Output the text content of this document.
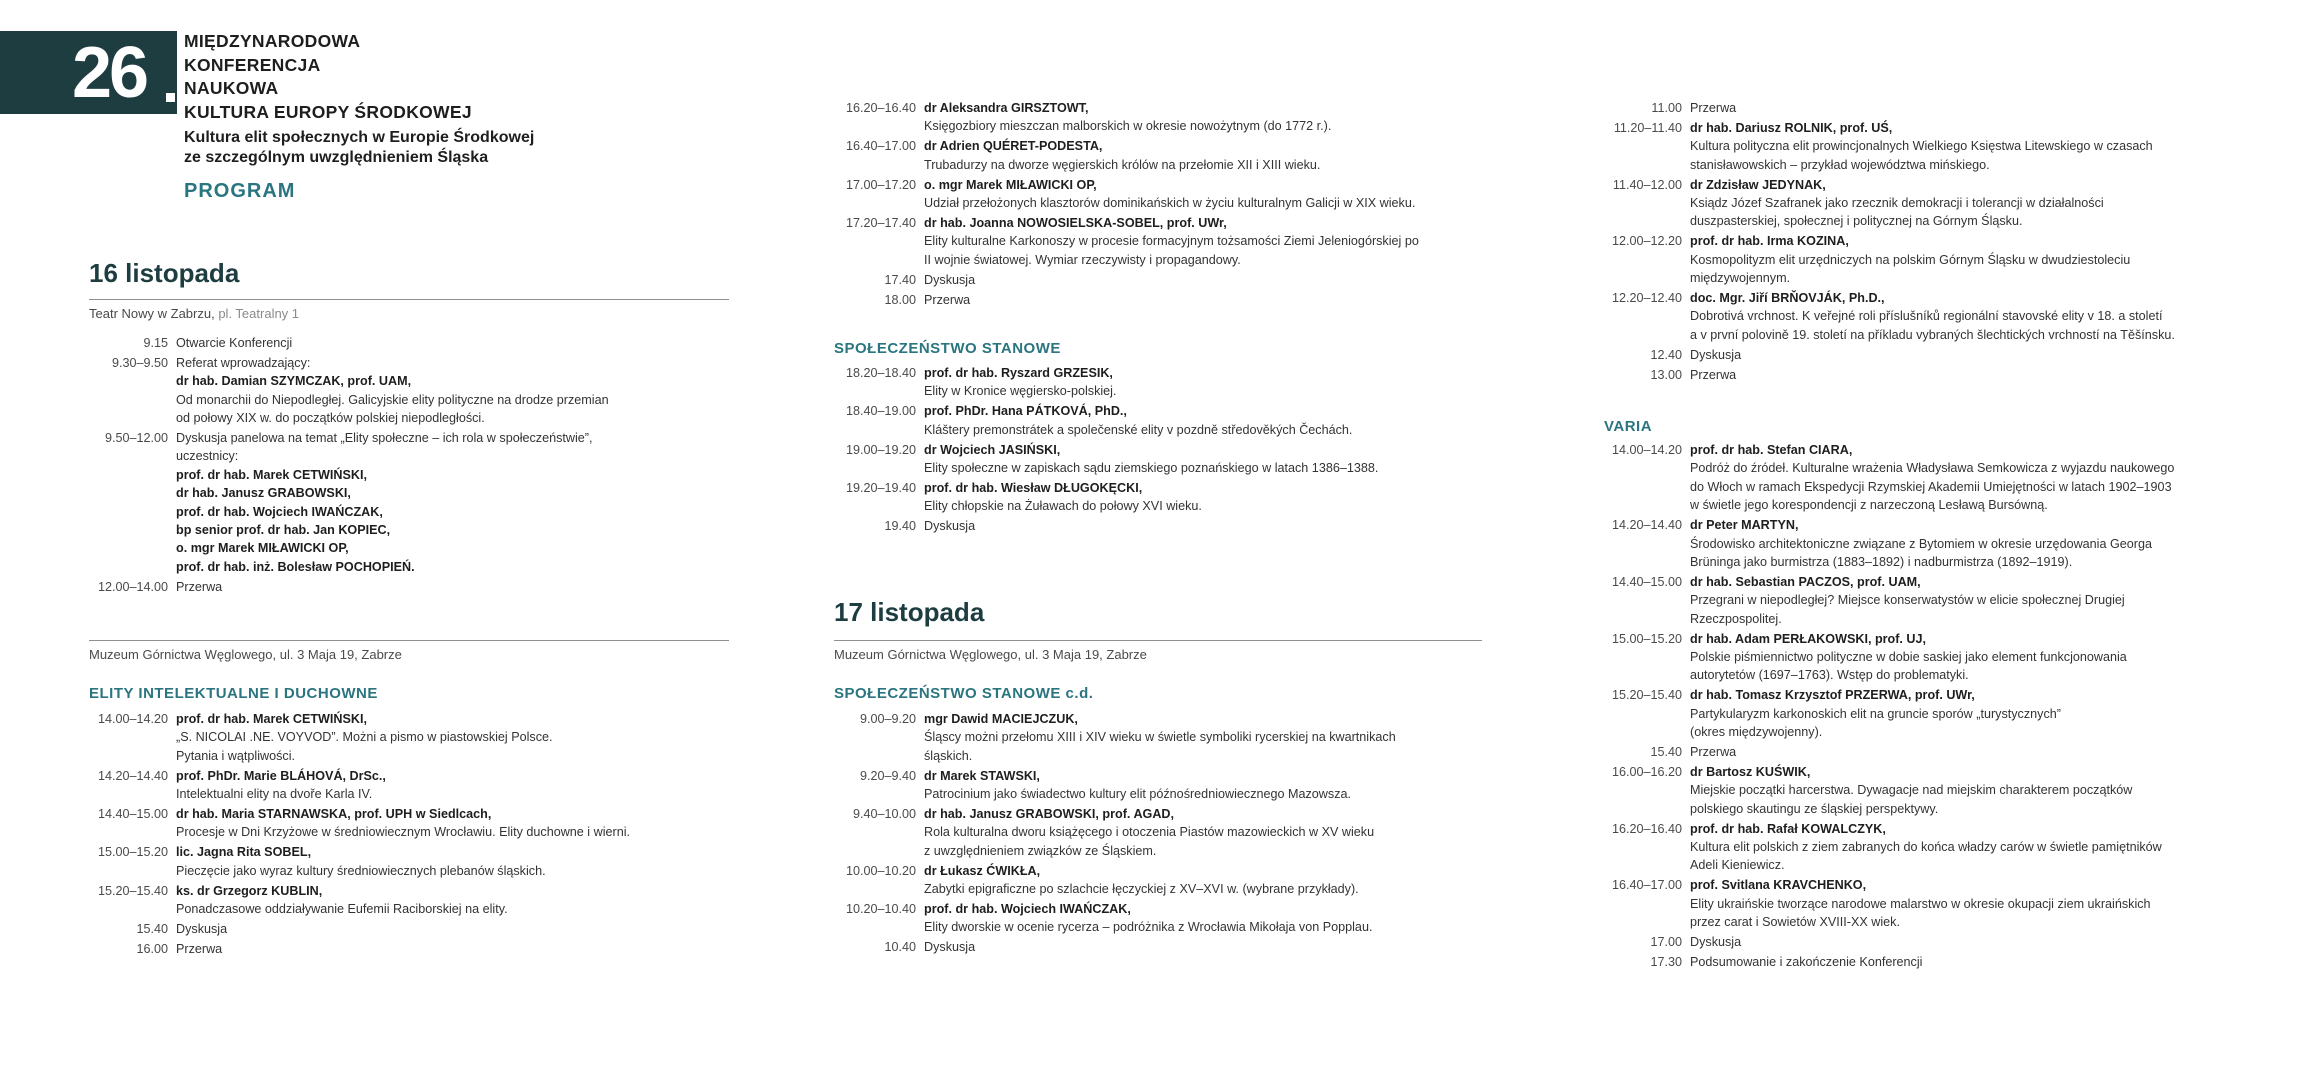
26 MIĘDZYNARODOWA
KONFERENCJA
NAUKOWA
KULTURA EUROPY ŚRODKOWEJ
Kultura elit społecznych w Europie Środkowej
ze szczególnym uwzględnieniem Śląska
PROGRAM
16 listopada
Teatr Nowy w Zabrzu, pl. Teatralny 1
9.15 Otwarcie Konferencji
9.30–9.50 Referat wprowadzający:
dr hab. Damian SZYMCZAK, prof. UAM,
Od monarchii do Niepodległej. Galicyjskie elity polityczne na drodze przemian
od połowy XIX w. do początków polskiej niepodległości.
9.50–12.00 Dyskusja panelowa na temat „Elity społeczne – ich rola w społeczeństwie”,
uczestnicy:
prof. dr hab. Marek CETWIŃSKI,
dr hab. Janusz GRABOWSKI,
prof. dr hab. Wojciech IWAŃCZAK,
bp senior prof. dr hab. Jan KOPIEC,
o. mgr Marek MIŁAWICKI OP,
prof. dr hab. inż. Bolesław POCHOPIEŃ.
12.00–14.00 Przerwa
Muzeum Górnictwa Węglowego, ul. 3 Maja 19, Zabrze
ELITY INTELEKTUALNE I DUCHOWNE
14.00–14.20 prof. dr hab. Marek CETWIŃSKI,
„S. NICOLAI .NE. VOYVOD”. Możni a pismo w piastowskiej Polsce.
Pytania i wątpliwości.
14.20–14.40 prof. PhDr. Marie BLÁHOVÁ, DrSc.,
Intelektualni elity na dvoře Karla IV.
14.40–15.00 dr hab. Maria STARNAWSKA, prof. UPH w Siedlcach,
Procesje w Dni Krzyżowe w średniowiecznym Wrocławiu. Elity duchowne i wierni.
15.00–15.20 lic. Jagna Rita SOBEL,
Pieczęcie jako wyraz kultury średniowiecznych plebanów śląskich.
15.20–15.40 ks. dr Grzegorz KUBLIN,
Ponadczasowe oddziaływanie Eufemii Raciborskiej na elity.
15.40 Dyskusja
16.00 Przerwa
16.20–16.40 dr Aleksandra GIRSZTOWT,
Księgozbiory mieszczan malborskich w okresie nowożytnym (do 1772 r.).
16.40–17.00 dr Adrien QUÉRET-PODESTA,
Trubadurzy na dworze węgierskich królów na przełomie XII i XIII wieku.
17.00–17.20 o. mgr Marek MIŁAWICKI OP,
Udział przełożonych klasztorów dominikańskich w życiu kulturalnym Galicji w XIX wieku.
17.20–17.40 dr hab. Joanna NOWOSIELSKA-SOBEL, prof. UWr,
Elity kulturalne Karkonoszy w procesie formacyjnym tożsamości Ziemi Jeleniogórskiej po
II wojnie światowej. Wymiar rzeczywisty i propagandowy.
17.40 Dyskusja
18.00 Przerwa
SPOŁECZEŃSTWO STANOWE
18.20–18.40 prof. dr hab. Ryszard GRZESIK,
Elity w Kronice węgiersko-polskiej.
18.40–19.00 prof. PhDr. Hana PÁTKOVÁ, PhD.,
Kláštery premonstrátek a společenské elity v pozdně středověkých Čechách.
19.00–19.20 dr Wojciech JASIŃSKI,
Elity społeczne w zapiskach sądu ziemskiego poznańskiego w latach 1386–1388.
19.20–19.40 prof. dr hab. Wiesław DŁUGOKĘCKI,
Elity chłopskie na Żuławach do połowy XVI wieku.
19.40 Dyskusja
17 listopada
Muzeum Górnictwa Węglowego, ul. 3 Maja 19, Zabrze
SPOŁECZEŃSTWO STANOWE c.d.
9.00–9.20 mgr Dawid MACIEJCZUK,
Śląscy możni przełomu XIII i XIV wieku w świetle symboliki rycerskiej na kwartnikach
śląskich.
9.20–9.40 dr Marek STAWSKI,
Patrocinium jako świadectwo kultury elit późnośredniowiecznego Mazowsza.
9.40–10.00 dr hab. Janusz GRABOWSKI, prof. AGAD,
Rola kulturalna dworu książęcego i otoczenia Piastów mazowieckich w XV wieku
z uwzględnieniem związków ze Śląskiem.
10.00–10.20 dr Łukasz ĆWIKŁA,
Zabytki epigraficzne po szlachcie łęczyckiej z XV–XVI w. (wybrane przykłady).
10.20–10.40 prof. dr hab. Wojciech IWAŃCZAK,
Elity dworskie w ocenie rycerza – podróżnika z Wrocławia Mikołaja von Popplau.
10.40 Dyskusja
11.00 Przerwa
11.20–11.40 dr hab. Dariusz ROLNIK, prof. UŚ,
Kultura polityczna elit prowincjonalnych Wielkiego Księstwa Litewskiego w czasach
stanisławowskich – przykład województwa mińskiego.
11.40–12.00 dr Zdzisław JEDYNAK,
Ksiądz Józef Szafranek jako rzecznik demokracji i tolerancji w działalności
duszpasterskiej, społecznej i politycznej na Górnym Śląsku.
12.00–12.20 prof. dr hab. Irma KOZINA,
Kosmopolityzm elit urzędniczych na polskim Górnym Śląsku w dwudziestoleciu
międzywojennym.
12.20–12.40 doc. Mgr. Jiří BRŇOVJÁK, Ph.D.,
Dobrotivá vrchnost. K veřejné roli příslušníků regionální stavovské elity v 18. a století
a v první polovině 19. století na příkladu vybraných šlechtických vrchností na Těšínsku.
12.40 Dyskusja
13.00 Przerwa
VARIA
14.00–14.20 prof. dr hab. Stefan CIARA,
Podróż do źródeł. Kulturalne wrażenia Władysława Semkowicza z wyjazdu naukowego
do Włoch w ramach Ekspedycji Rzymskiej Akademii Umiejętności w latach 1902–1903
w świetle jego korespondencji z narzeczoną Lesławą Bursówną.
14.20–14.40 dr Peter MARTYN,
Środowisko architektoniczne związane z Bytomiem w okresie urzędowania Georga
Brüninga jako burmistrza (1883–1892) i nadburmistrza (1892–1919).
14.40–15.00 dr hab. Sebastian PACZOS, prof. UAM,
Przegrani w niepodległej? Miejsce konserwatystów w elicie społecznej Drugiej
Rzeczpospolitej.
15.00–15.20 dr hab. Adam PERŁAKOWSKI, prof. UJ,
Polskie piśmiennictwo polityczne w dobie saskiej jako element funkcjonowania
autorytetów (1697–1763). Wstęp do problematyki.
15.20–15.40 dr hab. Tomasz Krzysztof PRZERWA, prof. UWr,
Partykularyzm karkonoskich elit na gruncie sporów „turystycznych”
(okres międzywojenny).
15.40 Przerwa
16.00–16.20 dr Bartosz KUŚWIK,
Miejskie początki harcerstwa. Dywagacje nad miejskim charakterem początków
polskiego skautingu ze śląskiej perspektywy.
16.20–16.40 prof. dr hab. Rafał KOWALCZYK,
Kultura elit polskich z ziem zabranych do końca władzy carów w świetle pamiętników
Adeli Kieniewicz.
16.40–17.00 prof. Svitlana KRAVCHENKO,
Elity ukraińskie tworzące narodowe malarstwo w okresie okupacji ziem ukraińskich
przez carat i Sowietów XVIII-XX wiek.
17.00 Dyskusja
17.30 Podsumowanie i zakończenie Konferencji
